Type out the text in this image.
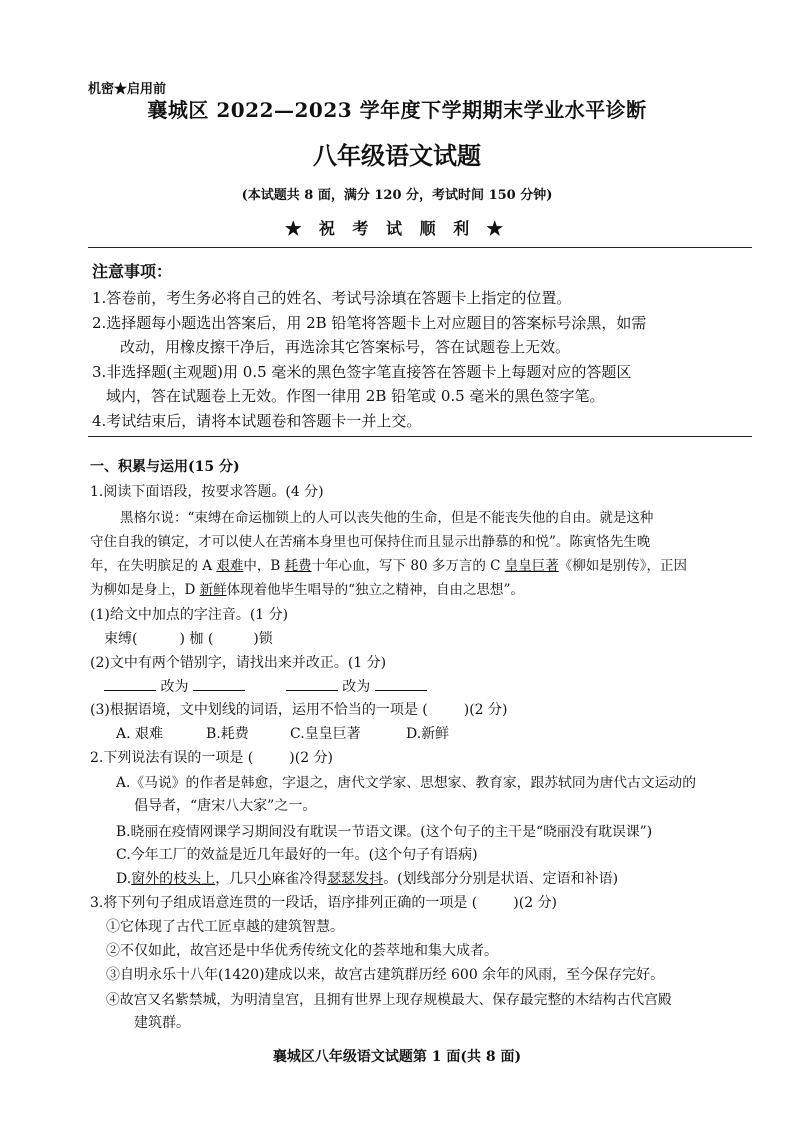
机密★启用前
襄城区 2022—2023 学年度下学期期末学业水平诊断
八年级语文试题
(本试题共 8 面，满分 120 分，考试时间 150 分钟)
★ 祝 考 试 顺 利 ★
注意事项：
1.答卷前，考生务必将自己的姓名、考试号涂填在答题卡上指定的位置。
2.选择题每小题选出答案后，用 2B 铅笔将答题卡上对应题目的答案标号涂黑，如需
改动，用橡皮擦干净后，再选涂其它答案标号，答在试题卷上无效。
3.非选择题(主观题)用 0.5 毫米的黑色签字笔直接答在答题卡上每题对应的答题区
域内，答在试题卷上无效。作图一律用 2B 铅笔或 0.5 毫米的黑色签字笔。
4.考试结束后，请将本试题卷和答题卡一并上交。
一、积累与运用(15 分)
1.阅读下面语段，按要求答题。(4 分)
黑格尔说：“束缚在命运枷锁上的人可以丧失他的生命，但是不能丧失他的自由。就是这种
守住自我的镇定，才可以使人在苦痛本身里也可保持住而且显示出静慕的和悦”。陈寅恪先生晚
年，在失明膑足的 A 艰难中，B 耗费十年心血，写下 80 多万言的 C 皇皇巨著《柳如是别传》，正因
为柳如是身上，D 新鲜体现着他毕生唱导的“独立之精神，自由之思想”。
(1)给文中加点的字注音。(1 分)
束缚(	) 枷 (	)锁
(2)文中有两个错别字，请找出来并改正。(1 分)
改为	改为
(3)根据语境，文中划线的词语，运用不恰当的一项是 (	)(2 分)
A. 艰难	B.耗费	C.皇皇巨著	D.新鲜
2.下列说法有误的一项是 (	)(2 分)
A.《马说》的作者是韩愈，字退之，唐代文学家、思想家、教育家，跟苏轼同为唐代古文运动的
倡导者，“唐宋八大家”之一。
B.晓丽在疫情网课学习期间没有耽误一节语文课。(这个句子的主干是“晓丽没有耽误课”)
C.今年工厂的效益是近几年最好的一年。(这个句子有语病)
D.窗外的枝头上，几只小麻雀冷得瑟瑟发抖。(划线部分分别是状语、定语和补语)
3.将下列句子组成语意连贯的一段话，语序排列正确的一项是 (	)(2 分)
①它体现了古代工匠卓越的建筑智慧。
②不仅如此，故宫还是中华优秀传统文化的荟萃地和集大成者。
③自明永乐十八年(1420)建成以来，故宫古建筑群历经 600 余年的风雨，至今保存完好。
④故宫又名紫禁城，为明清皇宫，且拥有世界上现存规模最大、保存最完整的木结构古代宫殿
建筑群。
襄城区八年级语文试题第 1 面(共 8 面)
